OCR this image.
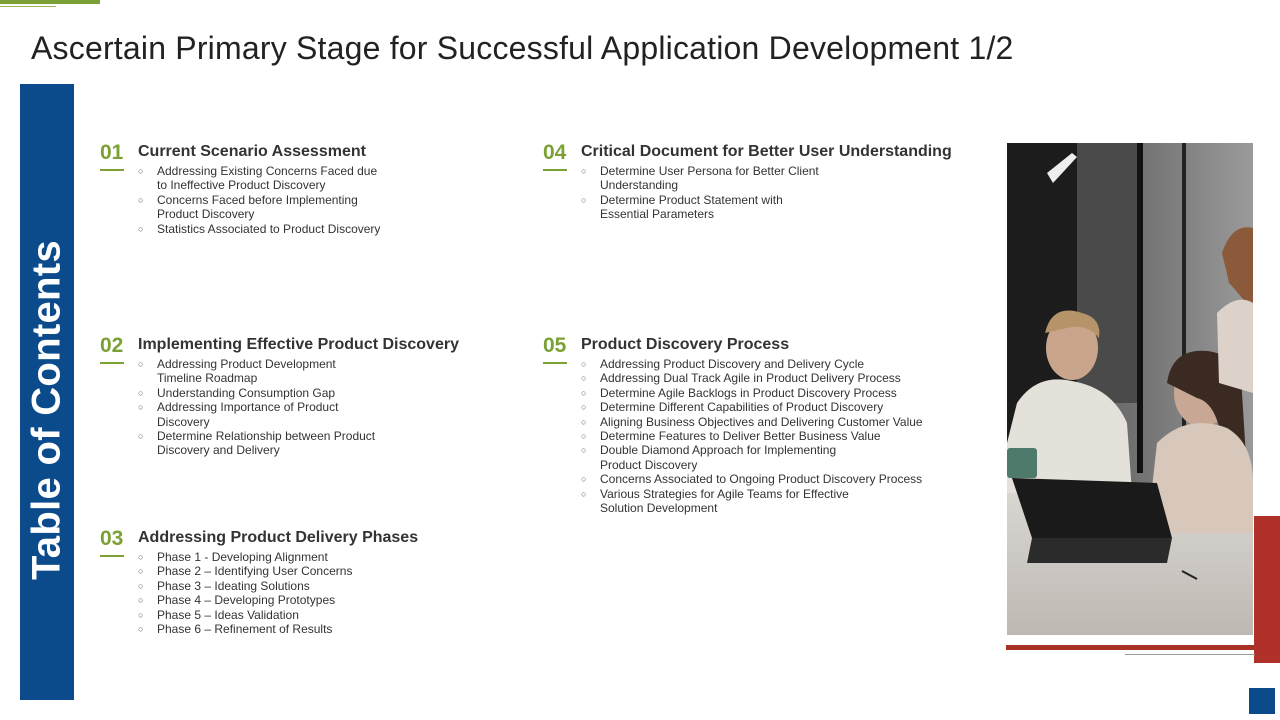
Ascertain Primary Stage for Successful Application Development 1/2
Table of Contents
01 Current Scenario Assessment
○ Addressing Existing Concerns Faced due
to Ineffective Product Discovery
○ Concerns Faced before Implementing
Product Discovery
○ Statistics Associated to Product Discovery
02 Implementing Effective Product Discovery
○ Addressing Product Development
Timeline Roadmap
○ Understanding Consumption Gap
○ Addressing Importance of Product
Discovery
○ Determine Relationship between Product
Discovery and Delivery
03 Addressing Product Delivery Phases
○ Phase 1 - Developing Alignment
○ Phase 2 – Identifying User Concerns
○ Phase 3 – Ideating Solutions
○ Phase 4 – Developing Prototypes
○ Phase 5 – Ideas Validation
○ Phase 6 – Refinement of Results
04 Critical Document for Better User Understanding
○ Determine User Persona for Better Client
Understanding
○ Determine Product Statement with
Essential Parameters
05 Product Discovery Process
○ Addressing Product Discovery and Delivery Cycle
○ Addressing Dual Track Agile in Product Delivery Process
○ Determine Agile Backlogs in Product Discovery Process
○ Determine Different Capabilities of Product Discovery
○ Aligning Business Objectives and Delivering Customer Value
○ Determine Features to Deliver Better Business Value
○ Double Diamond Approach for Implementing
Product Discovery
○ Concerns Associated to Ongoing Product Discovery Process
○ Various Strategies for Agile Teams for Effective
Solution Development
